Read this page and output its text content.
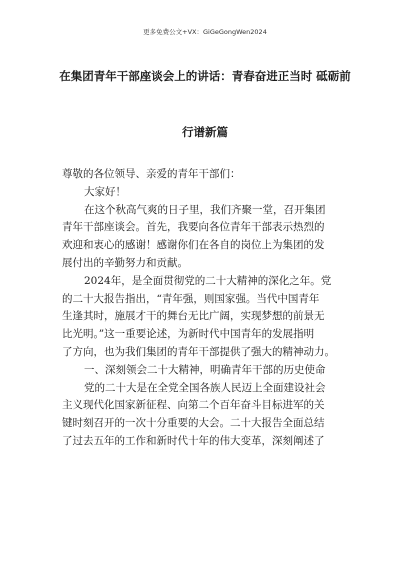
更多免费公文+VX：GiGeGongWen2024
在集团青年干部座谈会上的讲话：青春奋进正当时 砥砺前
行谱新篇
尊敬的各位领导、亲爱的青年干部们：
大家好！
在这个秋高气爽的日子里，我们齐聚一堂，召开集团
青年干部座谈会。首先，我要向各位青年干部表示热烈的
欢迎和衷心的感谢！感谢你们在各自的岗位上为集团的发
展付出的辛勤努力和贡献。
2024年，是全面贯彻党的二十大精神的深化之年。党
的二十大报告指出，“青年强，则国家强。当代中国青年
生逢其时，施展才干的舞台无比广阔，实现梦想的前景无
比光明。”这一重要论述，为新时代中国青年的发展指明
了方向，也为我们集团的青年干部提供了强大的精神动力。
一、深刻领会二十大精神，明确青年干部的历史使命
党的二十大是在全党全国各族人民迈上全面建设社会
主义现代化国家新征程、向第二个百年奋斗目标进军的关
键时刻召开的一次十分重要的大会。二十大报告全面总结
了过去五年的工作和新时代十年的伟大变革，深刻阐述了
